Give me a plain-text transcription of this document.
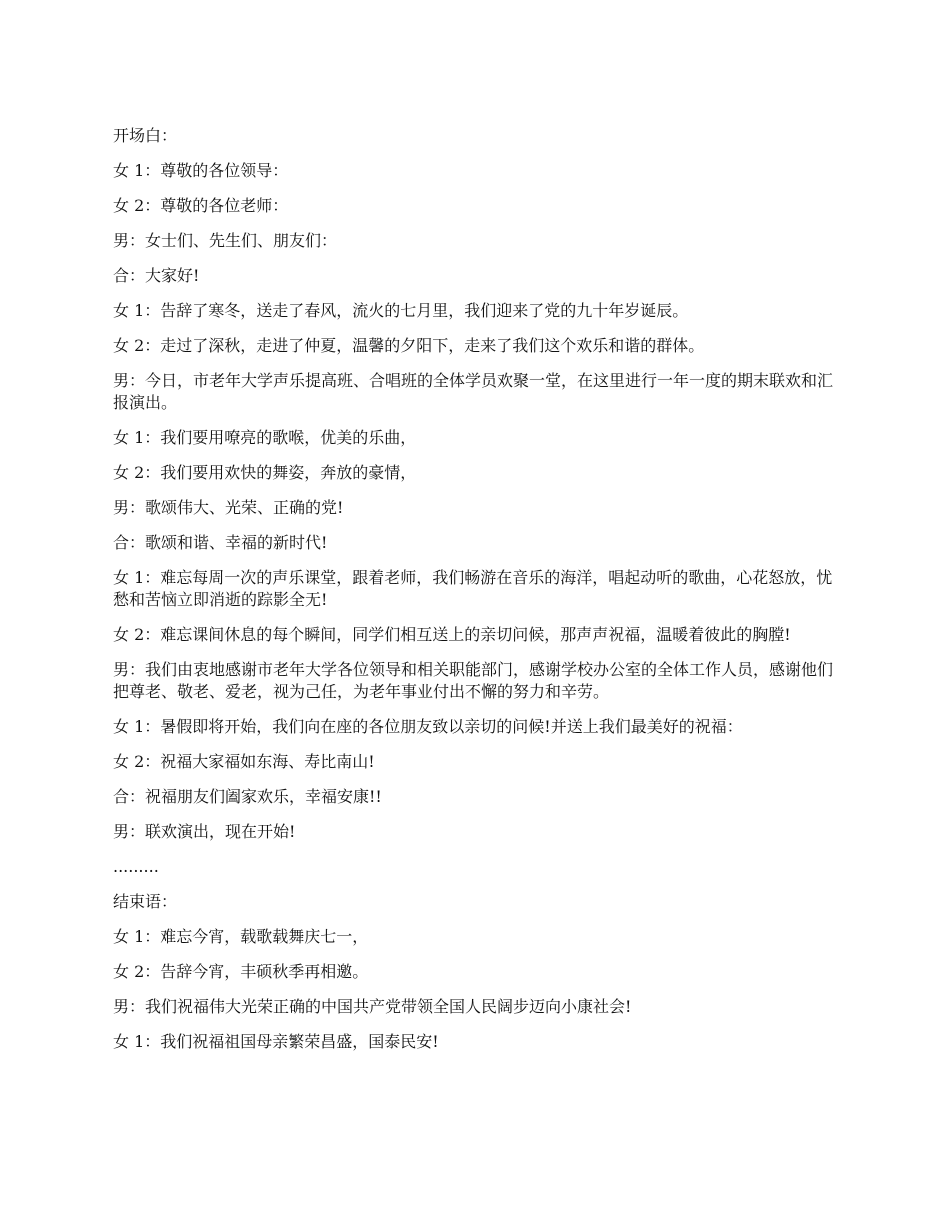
开场白：

女 1：尊敬的各位领导：

女 2：尊敬的各位老师：

男：女士们、先生们、朋友们：

合：大家好!

女 1：告辞了寒冬，送走了春风，流火的七月里，我们迎来了党的九十年岁诞辰。

女 2：走过了深秋，走进了仲夏，温馨的夕阳下，走来了我们这个欢乐和谐的群体。

男：今日，市老年大学声乐提高班、合唱班的全体学员欢聚一堂，在这里进行一年一度的期末联欢和汇报演出。

女 1：我们要用嘹亮的歌喉，优美的乐曲，

女 2：我们要用欢快的舞姿，奔放的豪情，

男：歌颂伟大、光荣、正确的党!

合：歌颂和谐、幸福的新时代!

女 1：难忘每周一次的声乐课堂，跟着老师，我们畅游在音乐的海洋，唱起动听的歌曲，心花怒放，忧愁和苦恼立即消逝的踪影全无!

女 2：难忘课间休息的每个瞬间，同学们相互送上的亲切问候，那声声祝福，温暖着彼此的胸膛!

男：我们由衷地感谢市老年大学各位领导和相关职能部门，感谢学校办公室的全体工作人员，感谢他们把尊老、敬老、爱老，视为己任，为老年事业付出不懈的努力和辛劳。

女 1：暑假即将开始，我们向在座的各位朋友致以亲切的问候!并送上我们最美好的祝福：

女 2：祝福大家福如东海、寿比南山!

合：祝福朋友们阖家欢乐，幸福安康!!

男：联欢演出，现在开始!

.........

结束语：

女 1：难忘今宵，载歌载舞庆七一，

女 2：告辞今宵，丰硕秋季再相邀。

男：我们祝福伟大光荣正确的中国共产党带领全国人民阔步迈向小康社会!

女 1：我们祝福祖国母亲繁荣昌盛，国泰民安!
